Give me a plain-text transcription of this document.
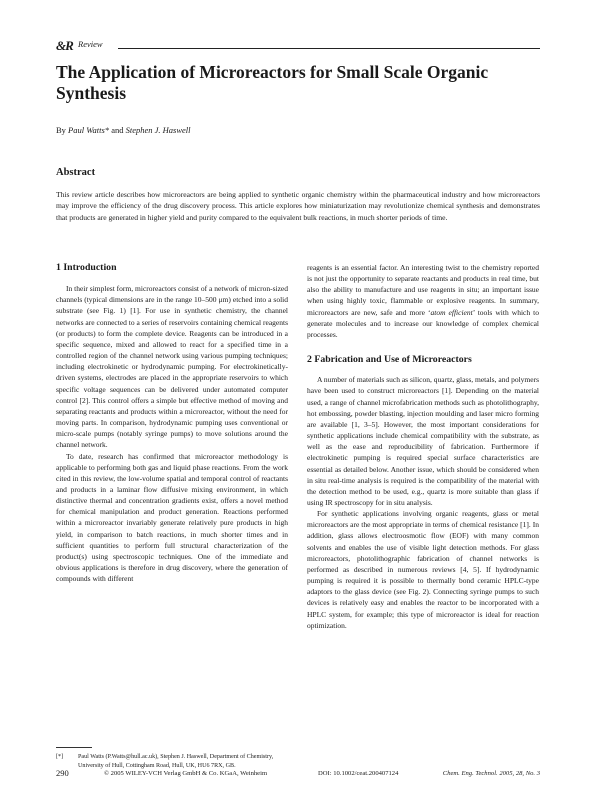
&R Review
The Application of Microreactors for Small Scale Organic Synthesis
By Paul Watts* and Stephen J. Haswell
Abstract
This review article describes how microreactors are being applied to synthetic organic chemistry within the pharmaceutical industry and how microreactors may improve the efficiency of the drug discovery process. This article explores how miniaturization may revolutionize chemical synthesis and demonstrates that products are generated in higher yield and purity compared to the equivalent bulk reactions, in much shorter periods of time.
1 Introduction

In their simplest form, microreactors consist of a network of micron-sized channels (typical dimensions are in the range 10–500 μm) etched into a solid substrate (see Fig. 1) [1]. For use in synthetic chemistry, the channel networks are connected to a series of reservoirs containing chemical reagents (or products) to form the complete device. Reagents can be introduced in a specific sequence, mixed and allowed to react for a specified time in a controlled region of the channel network using various pumping techniques; including electrokinetic or hydrodynamic pumping. For electrokinetically-driven systems, electrodes are placed in the appropriate reservoirs to which specific voltage sequences can be delivered under automated computer control [2]. This control offers a simple but effective method of moving and separating reactants and products within a microreactor, without the need for moving parts. In comparison, hydrodynamic pumping uses conventional or micro-scale pumps (notably syringe pumps) to move solutions around the channel network.

To date, research has confirmed that microreactor methodology is applicable to performing both gas and liquid phase reactions. From the work cited in this review, the low-volume spatial and temporal control of reactants and products in a laminar flow diffusive mixing environment, in which distinctive thermal and concentration gradients exist, offers a novel method for chemical manipulation and product generation. Reactions performed within a microreactor invariably generate relatively pure products in high yield, in comparison to batch reactions, in much shorter times and in sufficient quantities to perform full structural characterization of the product(s) using spectroscopic techniques. One of the immediate and obvious applications is therefore in drug discovery, where the generation of compounds with different

reagents is an essential factor. An interesting twist to the chemistry reported is not just the opportunity to separate reactants and products in real time, but also the ability to manufacture and use reagents in situ; an important issue when using highly toxic, flammable or explosive reagents. In summary, microreactors are new, safe and more ‘atom efficient’ tools with which to generate molecules and to increase our knowledge of complex chemical processes.

2 Fabrication and Use of Microreactors

A number of materials such as silicon, quartz, glass, metals, and polymers have been used to construct microreactors [1]. Depending on the material used, a range of channel microfabrication methods such as photolithography, hot embossing, powder blasting, injection moulding and laser micro forming are available [1, 3–5]. However, the most important considerations for synthetic applications include chemical compatibility with the substrate, as well as the ease and reproducibility of fabrication. Furthermore if electrokinetic pumping is required special surface characteristics are essential as detailed below. Another issue, which should be considered when in situ real-time analysis is required is the compatibility of the material with the detection method to be used, e.g., quartz is more suitable than glass if using IR spectroscopy for in situ analysis.

For synthetic applications involving organic reagents, glass or metal microreactors are the most appropriate in terms of chemical resistance [1]. In addition, glass allows electroosmotic flow (EOF) with many common solvents and enables the use of visible light detection methods. For glass microreactors, photolithographic fabrication of channel networks is performed as described in numerous reviews [4, 5]. If hydrodynamic pumping is required it is possible to thermally bond ceramic HPLC-type adaptors to the glass device (see Fig. 2). Connecting syringe pumps to such devices is relatively easy and enables the reactor to be incorporated with a HPLC system, for example; this type of microreactor is ideal for reaction optimization.

[*] Paul Watts (P.Watts@hull.ac.uk), Stephen J. Haswell, Department of Chemistry, University of Hull, Cottingham Road, Hull, UK, HU6 7RX, GB.
290	© 2005 WILEY-VCH Verlag GmbH & Co. KGaA, Weinheim	DOI: 10.1002/ceat.200407124	Chem. Eng. Technol. 2005, 28, No. 3
